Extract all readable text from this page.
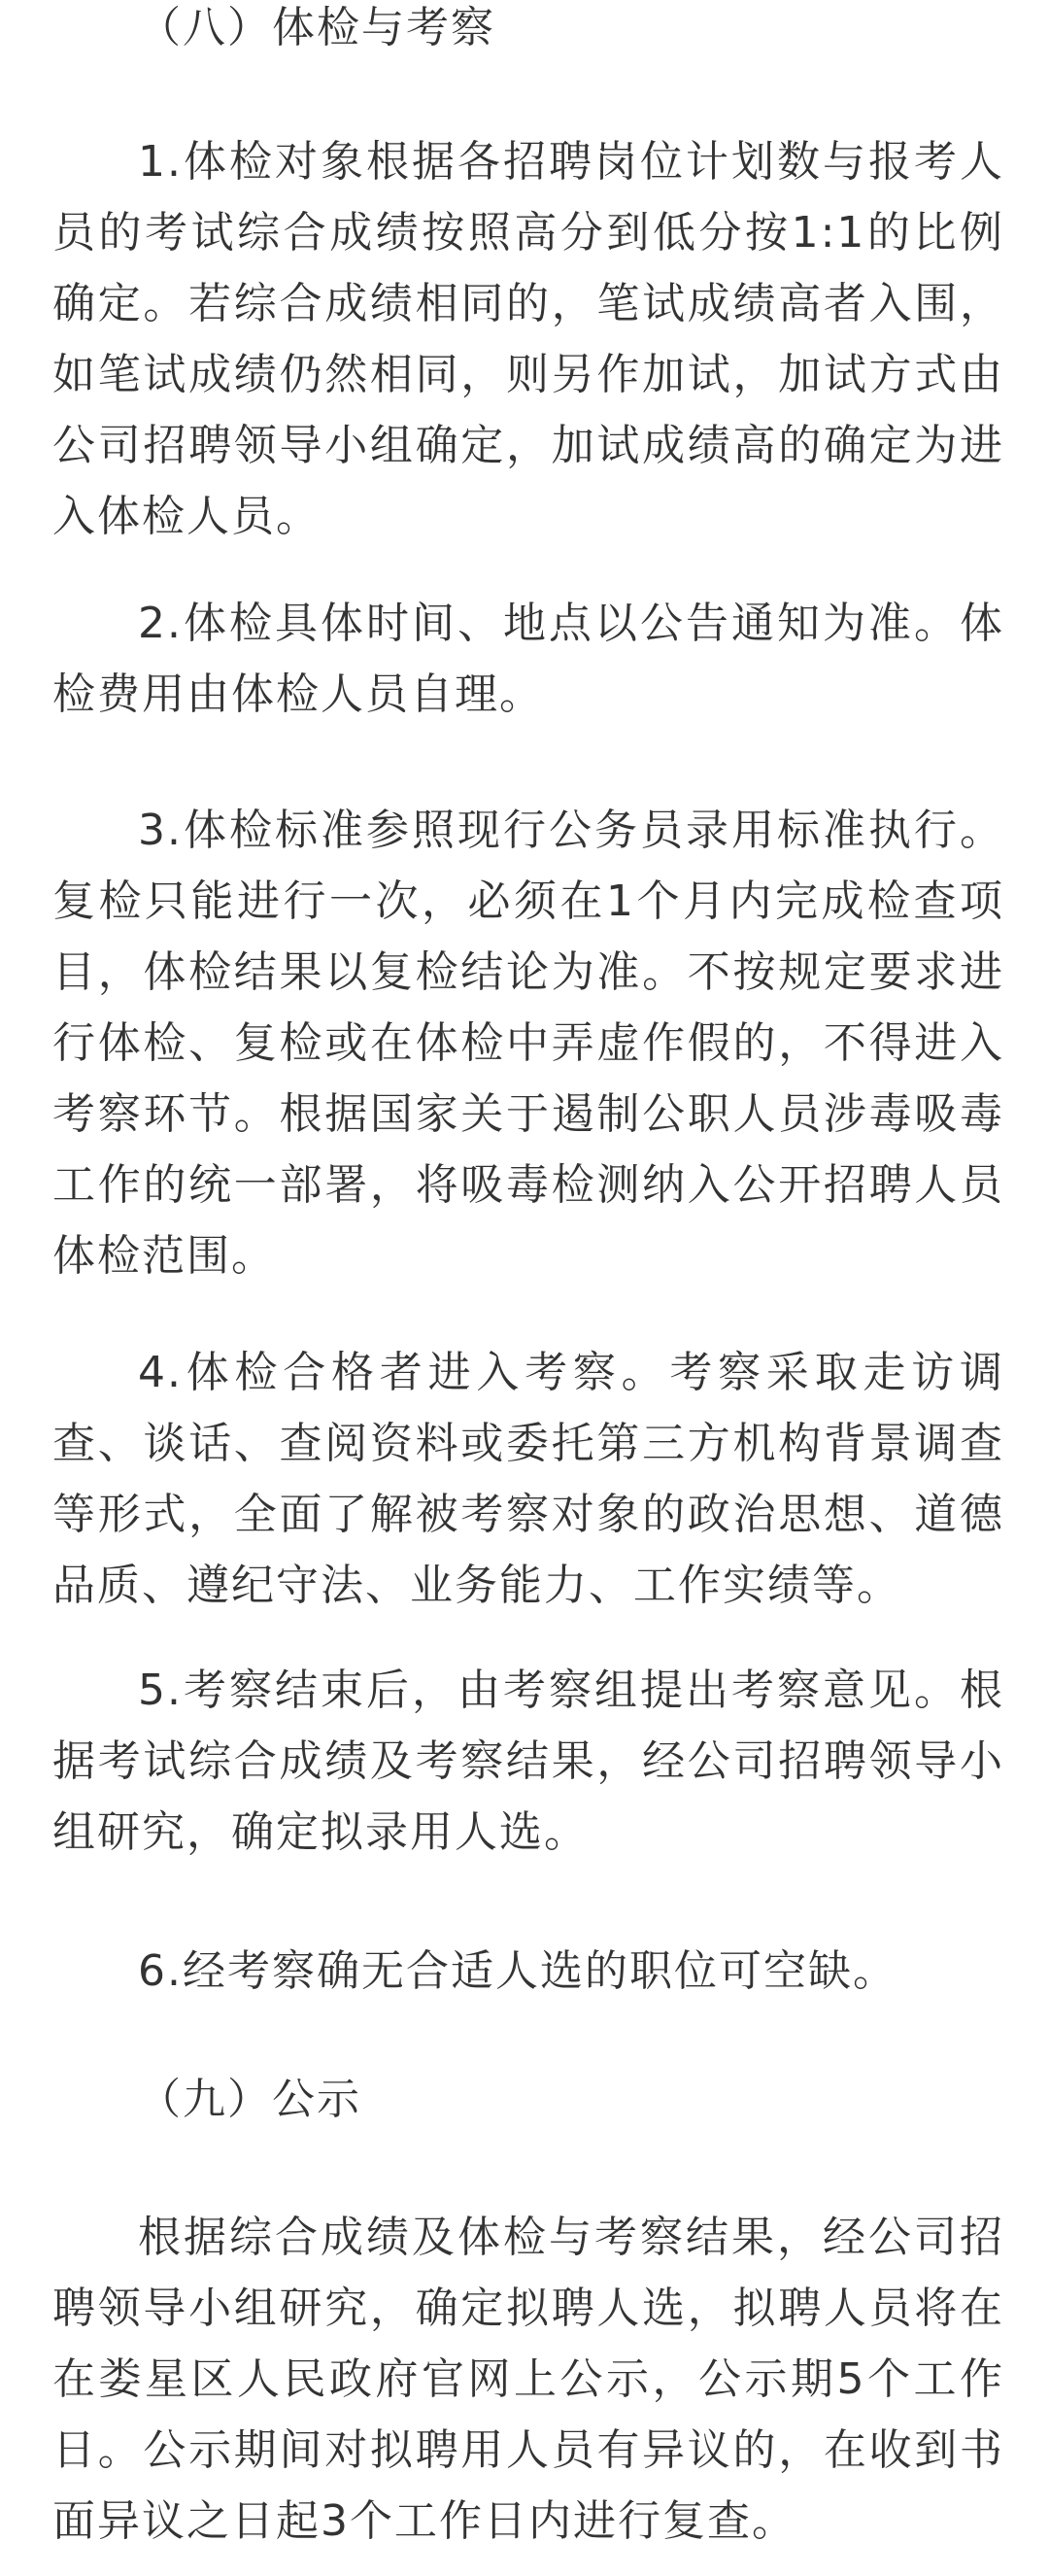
（八）体检与考察

1.体检对象根据各招聘岗位计划数与报考人员的考试综合成绩按照高分到低分按1:1的比例确定。若综合成绩相同的，笔试成绩高者入围，如笔试成绩仍然相同，则另作加试，加试方式由公司招聘领导小组确定，加试成绩高的确定为进入体检人员。

2.体检具体时间、地点以公告通知为准。体检费用由体检人员自理。

3.体检标准参照现行公务员录用标准执行。复检只能进行一次，必须在1个月内完成检查项目，体检结果以复检结论为准。不按规定要求进行体检、复检或在体检中弄虚作假的，不得进入考察环节。根据国家关于遏制公职人员涉毒吸毒工作的统一部署，将吸毒检测纳入公开招聘人员体检范围。

4.体检合格者进入考察。考察采取走访调查、谈话、查阅资料或委托第三方机构背景调查等形式，全面了解被考察对象的政治思想、道德品质、遵纪守法、业务能力、工作实绩等。

5.考察结束后，由考察组提出考察意见。根据考试综合成绩及考察结果，经公司招聘领导小组研究，确定拟录用人选。

6.经考察确无合适人选的职位可空缺。

（九）公示

根据综合成绩及体检与考察结果，经公司招聘领导小组研究，确定拟聘人选，拟聘人员将在在娄星区人民政府官网上公示，公示期5个工作日。公示期间对拟聘用人员有异议的，在收到书面异议之日起3个工作日内进行复查。
